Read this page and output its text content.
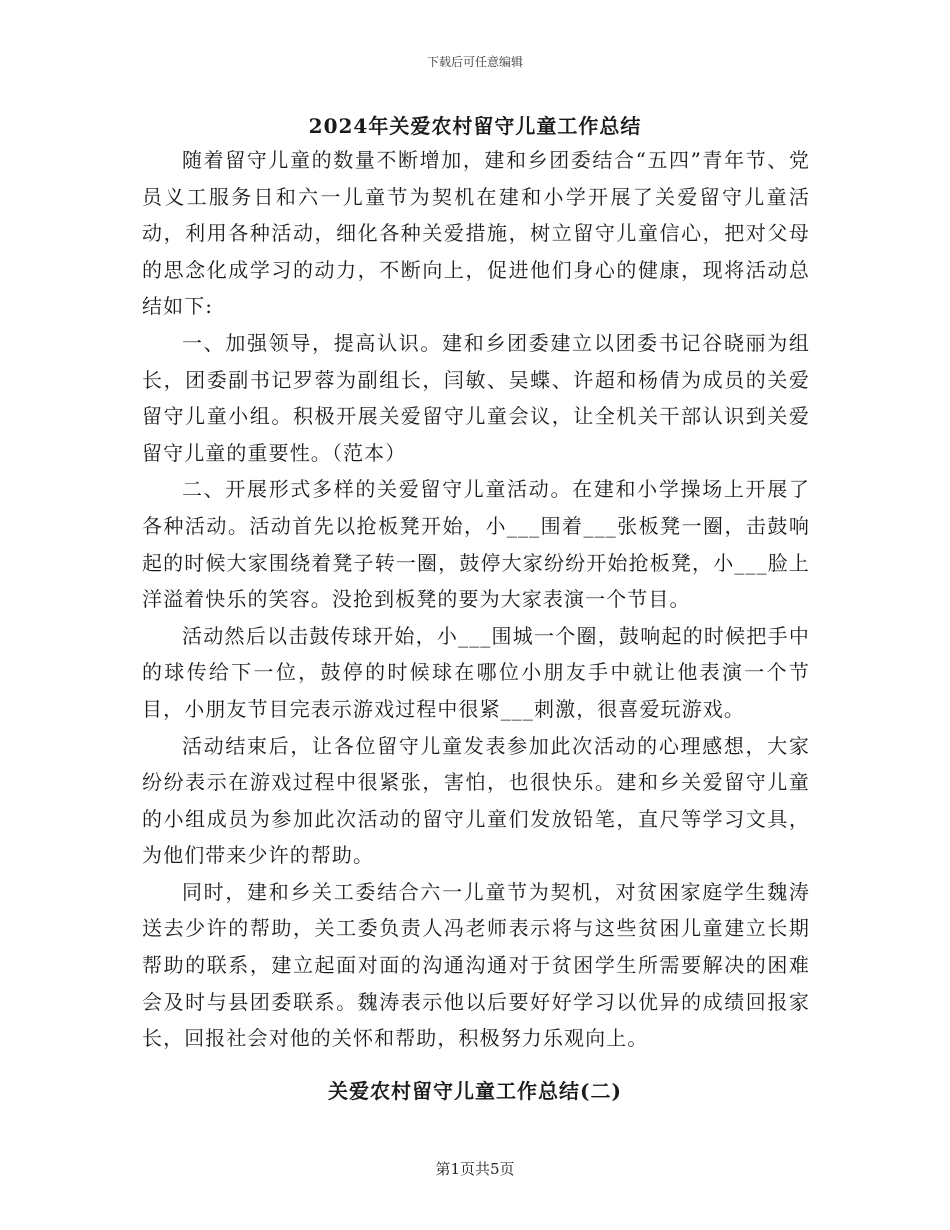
下载后可任意编辑
2024年关爱农村留守儿童工作总结

随着留守儿童的数量不断增加，建和乡团委结合“五四”青年节、党员义工服务日和六一儿童节为契机在建和小学开展了关爱留守儿童活动，利用各种活动，细化各种关爱措施，树立留守儿童信心，把对父母的思念化成学习的动力，不断向上，促进他们身心的健康，现将活动总结如下:

一、加强领导，提高认识。建和乡团委建立以团委书记谷晓丽为组长，团委副书记罗蓉为副组长，闫敏、吴蝶、许超和杨倩为成员的关爱留守儿童小组。积极开展关爱留守儿童会议，让全机关干部认识到关爱留守儿童的重要性。（范本）

二、开展形式多样的关爱留守儿童活动。在建和小学操场上开展了各种活动。活动首先以抢板凳开始，小___围着___张板凳一圈，击鼓响起的时候大家围绕着凳子转一圈，鼓停大家纷纷开始抢板凳，小___脸上洋溢着快乐的笑容。没抢到板凳的要为大家表演一个节目。

活动然后以击鼓传球开始，小___围城一个圈，鼓响起的时候把手中的球传给下一位，鼓停的时候球在哪位小朋友手中就让他表演一个节目，小朋友节目完表示游戏过程中很紧___刺激，很喜爱玩游戏。

活动结束后，让各位留守儿童发表参加此次活动的心理感想，大家纷纷表示在游戏过程中很紧张，害怕，也很快乐。建和乡关爱留守儿童的小组成员为参加此次活动的留守儿童们发放铅笔，直尺等学习文具，为他们带来少许的帮助。

同时，建和乡关工委结合六一儿童节为契机，对贫困家庭学生魏涛送去少许的帮助，关工委负责人冯老师表示将与这些贫困儿童建立长期帮助的联系，建立起面对面的沟通沟通对于贫困学生所需要解决的困难会及时与县团委联系。魏涛表示他以后要好好学习以优异的成绩回报家长，回报社会对他的关怀和帮助，积极努力乐观向上。

关爱农村留守儿童工作总结(二)
第1页共5页
